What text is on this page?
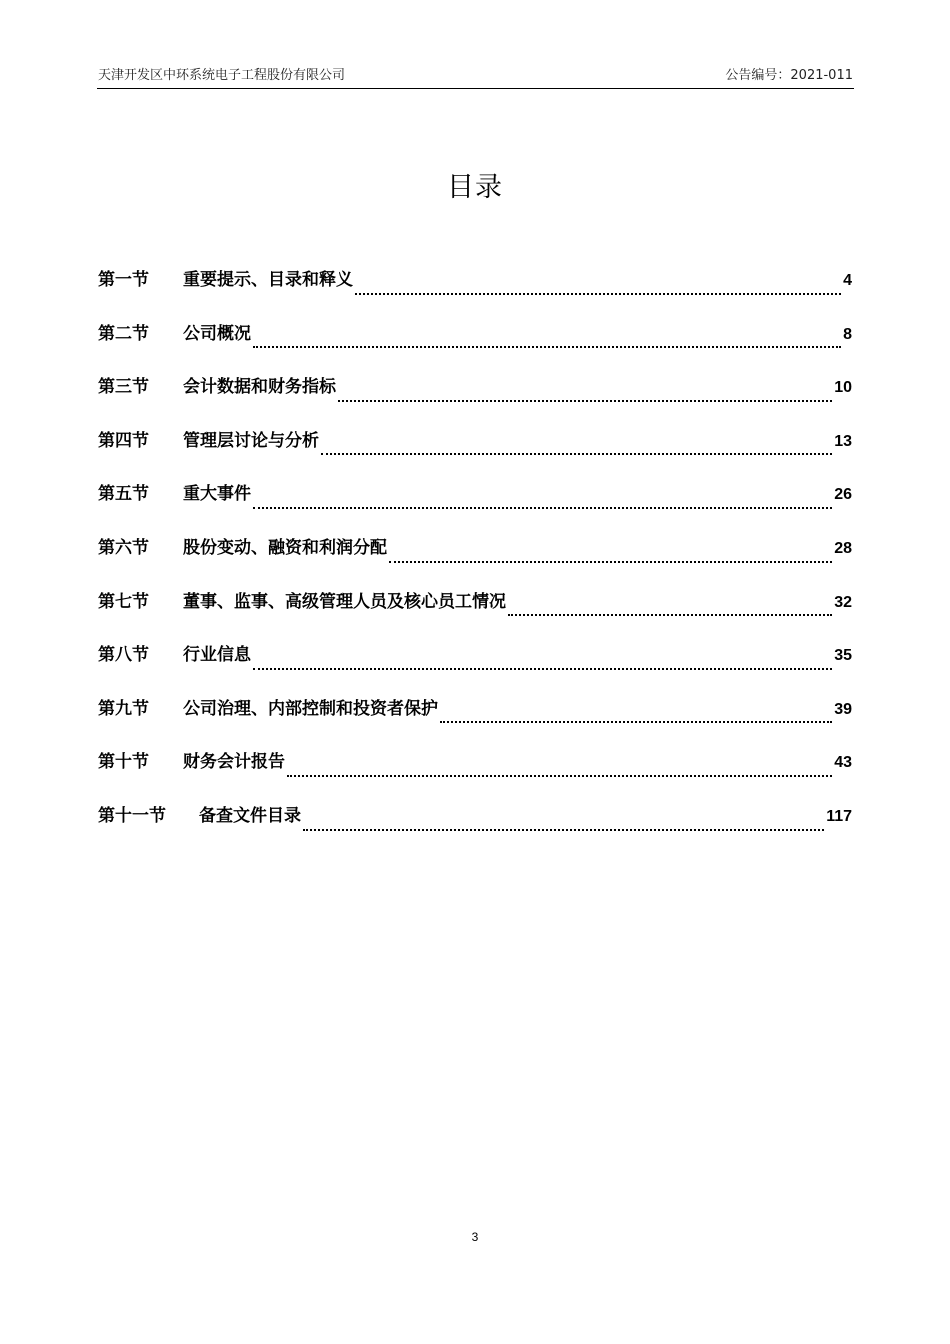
天津开发区中环系统电子工程股份有限公司	公告编号：2021-011
目录
第一节	重要提示、目录和释义	4
第二节	公司概况	8
第三节	会计数据和财务指标	10
第四节	管理层讨论与分析	13
第五节	重大事件	26
第六节	股份变动、融资和利润分配	28
第七节	董事、监事、高级管理人员及核心员工情况	32
第八节	行业信息	35
第九节	公司治理、内部控制和投资者保护	39
第十节	财务会计报告	43
第十一节	备查文件目录	117
3
